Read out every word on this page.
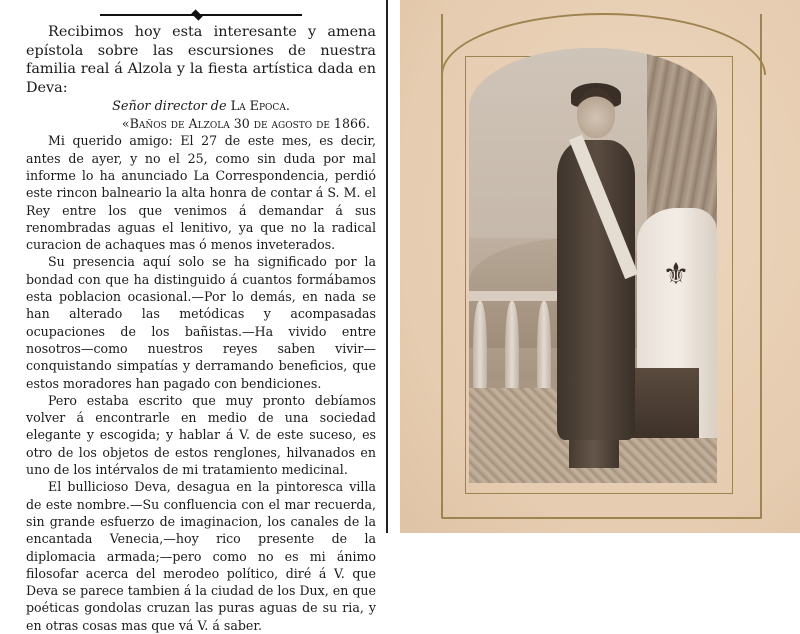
Recibimos hoy esta interesante y amena epístola sobre las escursiones de nuestra familia real á Alzola y la fiesta artística dada en Deva:

Señor director de La Epoca.

«Baños de Alzola 30 de agosto de 1866.

Mi querido amigo: El 27 de este mes, es decir, antes de ayer, y no el 25, como sin duda por mal informe lo ha anunciado La Correspondencia, perdió este rincon balneario la alta honra de contar á S. M. el Rey entre los que venimos á demandar á sus renombradas aguas el lenitivo, ya que no la radical curacion de achaques mas ó menos inveterados.

Su presencia aquí solo se ha significado por la bondad con que ha distinguido á cuantos formábamos esta poblacion ocasional.—Por lo demás, en nada se han alterado las metódicas y acompasadas ocupaciones de los bañistas.—Ha vivido entre nosotros—como nuestros reyes saben vivir—conquistando simpatías y derramando beneficios, que estos moradores han pagado con bendiciones.

Pero estaba escrito que muy pronto debíamos volver á encontrarle en medio de una sociedad elegante y escogida; y hablar á V. de este suceso, es otro de los objetos de estos renglones, hilvanados en uno de los intérvalos de mi tratamiento medicinal.

El bullicioso Deva, desagua en la pintoresca villa de este nombre.—Su confluencia con el mar recuerda, sin grande esfuerzo de imaginacion, los canales de la encantada Venecia,—hoy rico presente de la diplomacia armada;—pero como no es mi ánimo filosofar acerca del merodeo político, diré á V. que Deva se parece tambien á la ciudad de los Dux, en que poéticas gondolas cruzan las puras aguas de su ria, y en otras cosas mas que vá V. á saber.

⚜
